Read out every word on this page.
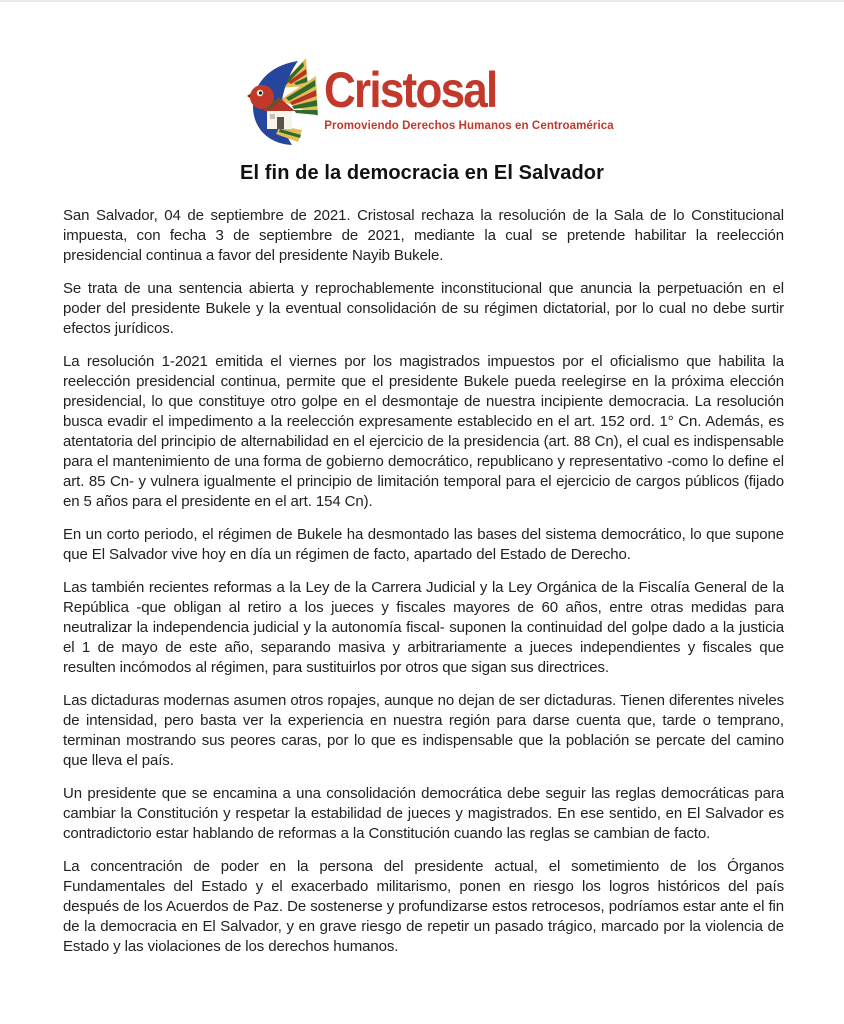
Cristosal
Promoviendo Derechos Humanos en Centroamérica
El fin de la democracia en El Salvador

San Salvador, 04 de septiembre de 2021. Cristosal rechaza la resolución de la Sala de lo Constitucional impuesta, con fecha 3 de septiembre de 2021, mediante la cual se pretende habilitar la reelección presidencial continua a favor del presidente Nayib Bukele.

Se trata de una sentencia abierta y reprochablemente inconstitucional que anuncia la perpetuación en el poder del presidente Bukele y la eventual consolidación de su régimen dictatorial, por lo cual no debe surtir efectos jurídicos.

La resolución 1-2021 emitida el viernes por los magistrados impuestos por el oficialismo que habilita la reelección presidencial continua, permite que el presidente Bukele pueda reelegirse en la próxima elección presidencial, lo que constituye otro golpe en el desmontaje de nuestra incipiente democracia. La resolución busca evadir el impedimento a la reelección expresamente establecido en el art. 152 ord. 1° Cn. Además, es atentatoria del principio de alternabilidad en el ejercicio de la presidencia (art. 88 Cn), el cual es indispensable para el mantenimiento de una forma de gobierno democrático, republicano y representativo -como lo define el art. 85 Cn- y vulnera igualmente el principio de limitación temporal para el ejercicio de cargos públicos (fijado en 5 años para el presidente en el art. 154 Cn).

En un corto periodo, el régimen de Bukele ha desmontado las bases del sistema democrático, lo que supone que El Salvador vive hoy en día un régimen de facto, apartado del Estado de Derecho.

Las también recientes reformas a la Ley de la Carrera Judicial y la Ley Orgánica de la Fiscalía General de la República -que obligan al retiro a los jueces y fiscales mayores de 60 años, entre otras medidas para neutralizar la independencia judicial y la autonomía fiscal- suponen la continuidad del golpe dado a la justicia el 1 de mayo de este año, separando masiva y arbitrariamente a jueces independientes y fiscales que resulten incómodos al régimen, para sustituirlos por otros que sigan sus directrices.

Las dictaduras modernas asumen otros ropajes, aunque no dejan de ser dictaduras. Tienen diferentes niveles de intensidad, pero basta ver la experiencia en nuestra región para darse cuenta que, tarde o temprano, terminan mostrando sus peores caras, por lo que es indispensable que la población se percate del camino que lleva el país.

Un presidente que se encamina a una consolidación democrática debe seguir las reglas democráticas para cambiar la Constitución y respetar la estabilidad de jueces y magistrados. En ese sentido, en El Salvador es contradictorio estar hablando de reformas a la Constitución cuando las reglas se cambian de facto.

La concentración de poder en la persona del presidente actual, el sometimiento de los Órganos Fundamentales del Estado y el exacerbado militarismo, ponen en riesgo los logros históricos del país después de los Acuerdos de Paz. De sostenerse y profundizarse estos retrocesos, podríamos estar ante el fin de la democracia en El Salvador, y en grave riesgo de repetir un pasado trágico, marcado por la violencia de Estado y las violaciones de los derechos humanos.
